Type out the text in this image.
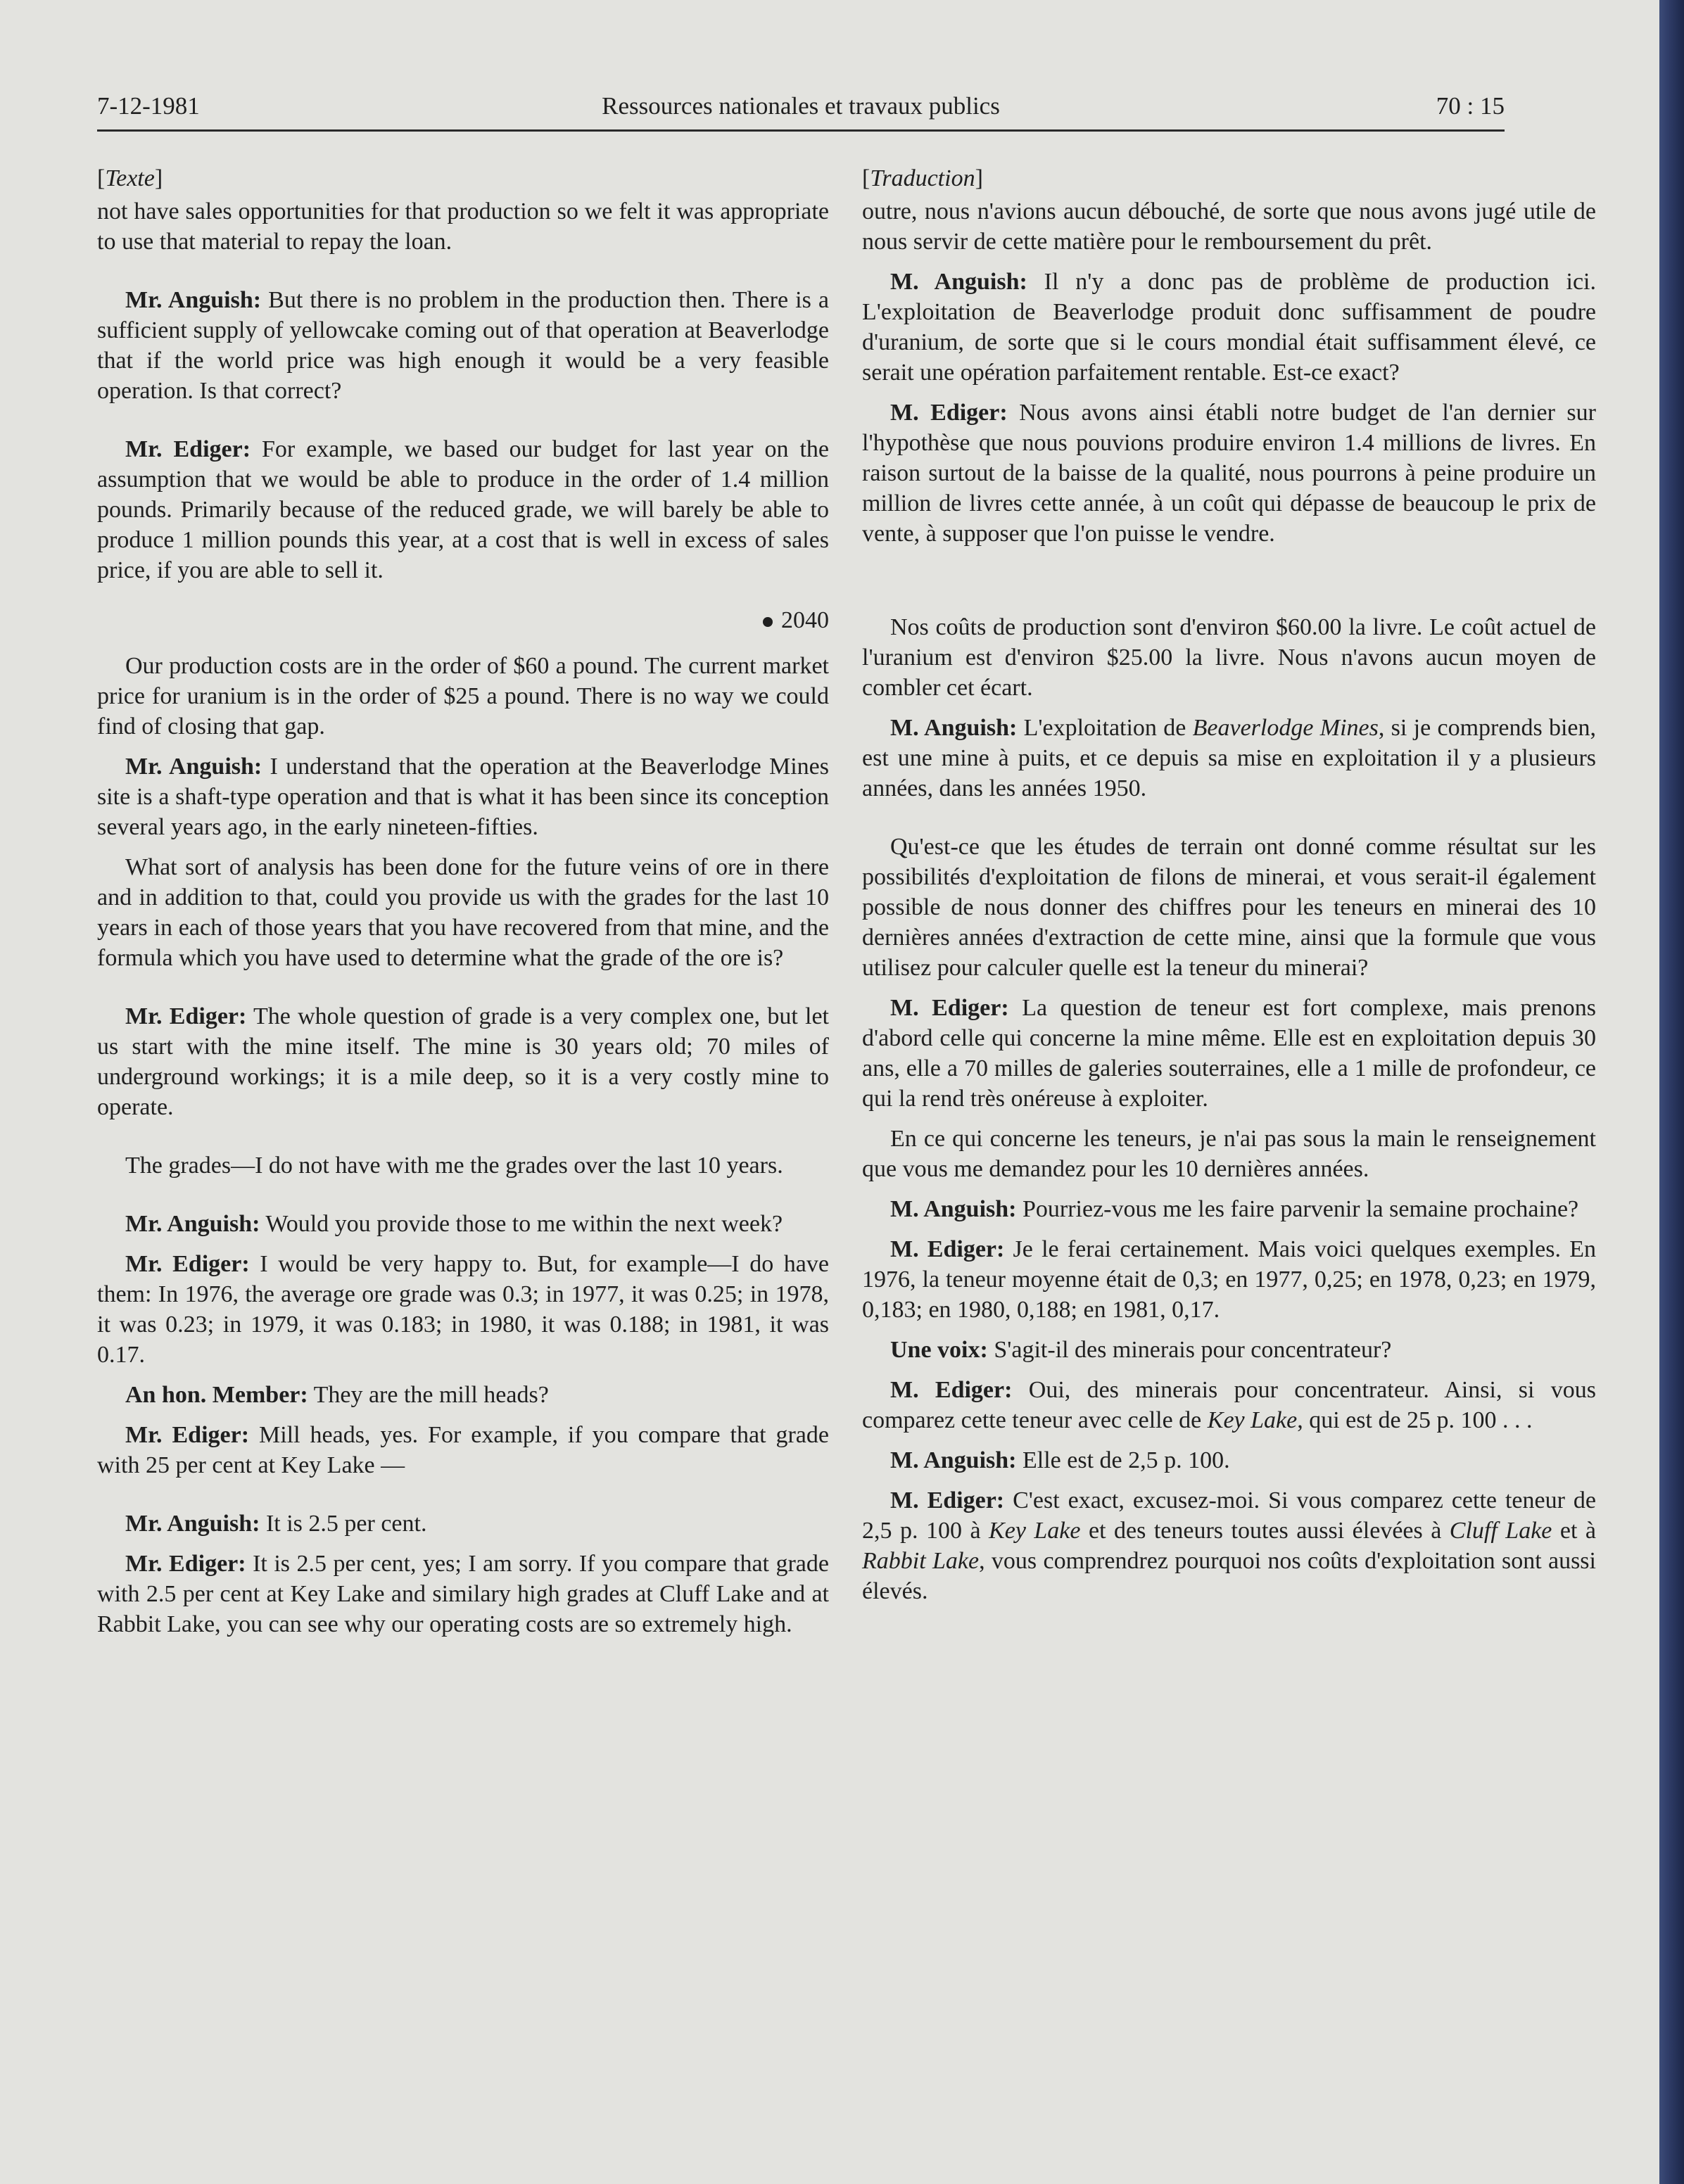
7-12-1981	Ressources nationales et travaux publics	70 : 15
[Texte]

not have sales opportunities for that production so we felt it was appropriate to use that material to repay the loan.

Mr. Anguish: But there is no problem in the production then. There is a sufficient supply of yellowcake coming out of that operation at Beaverlodge that if the world price was high enough it would be a very feasible operation. Is that correct?

Mr. Ediger: For example, we based our budget for last year on the assumption that we would be able to produce in the order of 1.4 million pounds. Primarily because of the reduced grade, we will barely be able to produce 1 million pounds this year, at a cost that is well in excess of sales price, if you are able to sell it.

2040

Our production costs are in the order of $60 a pound. The current market price for uranium is in the order of $25 a pound. There is no way we could find of closing that gap.

Mr. Anguish: I understand that the operation at the Beaverlodge Mines site is a shaft-type operation and that is what it has been since its conception several years ago, in the early nineteen-fifties.

What sort of analysis has been done for the future veins of ore in there and in addition to that, could you provide us with the grades for the last 10 years in each of those years that you have recovered from that mine, and the formula which you have used to determine what the grade of the ore is?

Mr. Ediger: The whole question of grade is a very complex one, but let us start with the mine itself. The mine is 30 years old; 70 miles of underground workings; it is a mile deep, so it is a very costly mine to operate.

The grades—I do not have with me the grades over the last 10 years.

Mr. Anguish: Would you provide those to me within the next week?

Mr. Ediger: I would be very happy to. But, for example—I do have them: In 1976, the average ore grade was 0.3; in 1977, it was 0.25; in 1978, it was 0.23; in 1979, it was 0.183; in 1980, it was 0.188; in 1981, it was 0.17.

An hon. Member: They are the mill heads?

Mr. Ediger: Mill heads, yes. For example, if you compare that grade with 25 per cent at Key Lake —

Mr. Anguish: It is 2.5 per cent.

Mr. Ediger: It is 2.5 per cent, yes; I am sorry. If you compare that grade with 2.5 per cent at Key Lake and similary high grades at Cluff Lake and at Rabbit Lake, you can see why our operating costs are so extremely high.

[Traduction]

outre, nous n'avions aucun débouché, de sorte que nous avons jugé utile de nous servir de cette matière pour le remboursement du prêt.

M. Anguish: Il n'y a donc pas de problème de production ici. L'exploitation de Beaverlodge produit donc suffisamment de poudre d'uranium, de sorte que si le cours mondial était suffisamment élevé, ce serait une opération parfaitement rentable. Est-ce exact?

M. Ediger: Nous avons ainsi établi notre budget de l'an dernier sur l'hypothèse que nous pouvions produire environ 1.4 millions de livres. En raison surtout de la baisse de la qualité, nous pourrons à peine produire un million de livres cette année, à un coût qui dépasse de beaucoup le prix de vente, à supposer que l'on puisse le vendre.

Nos coûts de production sont d'environ $60.00 la livre. Le coût actuel de l'uranium est d'environ $25.00 la livre. Nous n'avons aucun moyen de combler cet écart.

M. Anguish: L'exploitation de Beaverlodge Mines, si je comprends bien, est une mine à puits, et ce depuis sa mise en exploitation il y a plusieurs années, dans les années 1950.

Qu'est-ce que les études de terrain ont donné comme résultat sur les possibilités d'exploitation de filons de minerai, et vous serait-il également possible de nous donner des chiffres pour les teneurs en minerai des 10 dernières années d'extraction de cette mine, ainsi que la formule que vous utilisez pour calculer quelle est la teneur du minerai?

M. Ediger: La question de teneur est fort complexe, mais prenons d'abord celle qui concerne la mine même. Elle est en exploitation depuis 30 ans, elle a 70 milles de galeries souterraines, elle a 1 mille de profondeur, ce qui la rend très onéreuse à exploiter.

En ce qui concerne les teneurs, je n'ai pas sous la main le renseignement que vous me demandez pour les 10 dernières années.

M. Anguish: Pourriez-vous me les faire parvenir la semaine prochaine?

M. Ediger: Je le ferai certainement. Mais voici quelques exemples. En 1976, la teneur moyenne était de 0,3; en 1977, 0,25; en 1978, 0,23; en 1979, 0,183; en 1980, 0,188; en 1981, 0,17.

Une voix: S'agit-il des minerais pour concentrateur?

M. Ediger: Oui, des minerais pour concentrateur. Ainsi, si vous comparez cette teneur avec celle de Key Lake, qui est de 25 p. 100 . . .

M. Anguish: Elle est de 2,5 p. 100.

M. Ediger: C'est exact, excusez-moi. Si vous comparez cette teneur de 2,5 p. 100 à Key Lake et des teneurs toutes aussi élevées à Cluff Lake et à Rabbit Lake, vous comprendrez pourquoi nos coûts d'exploitation sont aussi élevés.
